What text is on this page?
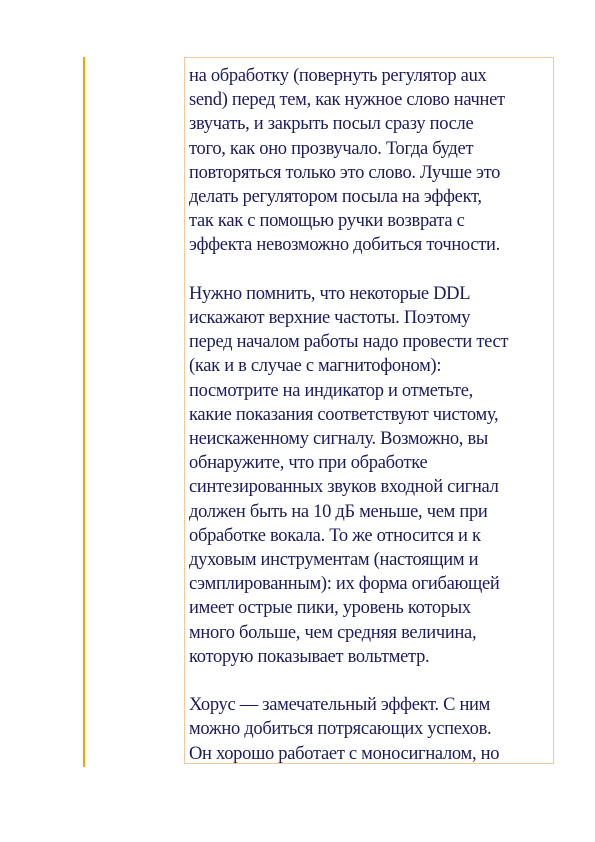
на обработку (повернуть регулятор aux
send) перед тем, как нужное слово начнет
звучать, и закрыть посыл сразу после
того, как оно прозвучало. Тогда будет
повторяться только это слово. Лучше это
делать регулятором посыла на эффект,
так как с помощью ручки возврата с
эффекта невозможно добиться точности.

Нужно помнить, что некоторые DDL
искажают верхние частоты. Поэтому
перед началом работы надо провести тест
(как и в случае с магнитофоном):
посмотрите на индикатор и отметьте,
какие показания соответствуют чистому,
неискаженному сигналу. Возможно, вы
обнаружите, что при обработке
синтезированных звуков входной сигнал
должен быть на 10 дБ меньше, чем при
обработке вокала. То же относится и к
духовым инструментам (настоящим и
сэмплированным): их форма огибающей
имеет острые пики, уровень которых
много больше, чем средняя величина,
которую показывает вольтметр.

Хорус — замечательный эффект. С ним
можно добиться потрясающих успехов.
Он хорошо работает с моносигналом, но
